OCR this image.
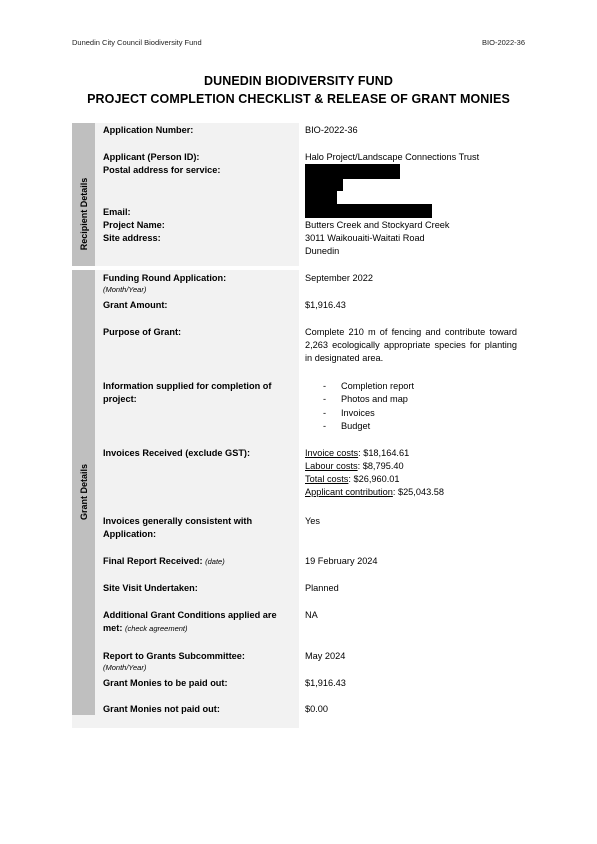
Dunedin City Council Biodiversity Fund	BIO-2022-36
DUNEDIN BIODIVERSITY FUND
PROJECT COMPLETION CHECKLIST & RELEASE OF GRANT MONIES
Recipient Details
Grant Details
Application Number:	BIO-2022-36
Applicant (Person ID):	Halo Project/Landscape Connections Trust
Postal address for service:
Email:
Project Name:	Butters Creek and Stockyard Creek
Site address:	3011 Waikouaiti-Waitati Road
Dunedin
Funding Round Application:
(Month/Year)
September 2022
Grant Amount:	$1,916.43
Purpose of Grant:	Complete 210 m of fencing and contribute toward 2,263 ecologically appropriate species for planting in designated area.
Information supplied for completion of project:
- Completion report
- Photos and map
- Invoices
- Budget
Invoices Received (exclude GST):	Invoice costs: $18,164.61
Labour costs: $8,795.40
Total costs: $26,960.01
Applicant contribution: $25,043.58
Invoices generally consistent with Application:
Yes
Final Report Received: (date)	19 February 2024
Site Visit Undertaken:	Planned
Additional Grant Conditions applied are met: (check agreement)
NA
Report to Grants Subcommittee:
(Month/Year)
May 2024
Grant Monies to be paid out:	$1,916.43
Grant Monies not paid out:	$0.00
